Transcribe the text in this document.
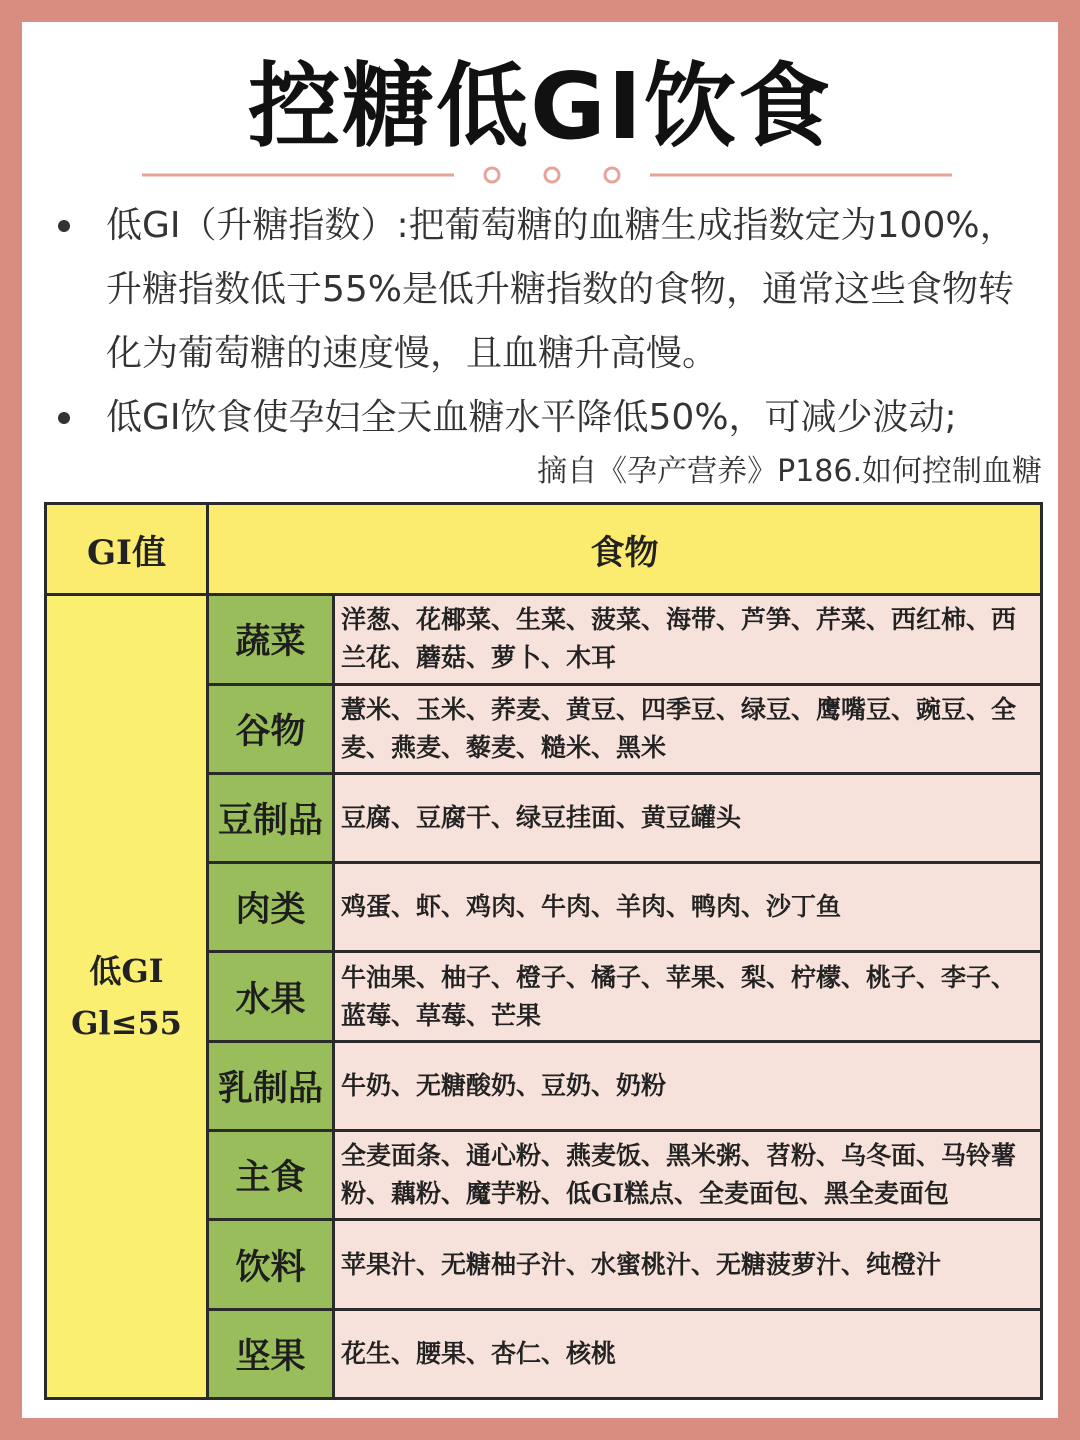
控糖低GI饮食
低GI（升糖指数）:把葡萄糖的血糖生成指数定为100%，升糖指数低于55%是低升糖指数的食物，通常这些食物转化为葡萄糖的速度慢，且血糖升高慢。
低GI饮食使孕妇全天血糖水平降低50%，可减少波动;
摘自《孕产营养》P186.如何控制血糖
GI值	食物	

低GI
Gl≤55	蔬菜	洋葱、花椰菜、生菜、菠菜、海带、芦笋、芹菜、西红柿、西兰花、蘑菇、萝卜、木耳
	谷物	薏米、玉米、荞麦、黄豆、四季豆、绿豆、鹰嘴豆、豌豆、全麦、燕麦、藜麦、糙米、黑米
	豆制品	豆腐、豆腐干、绿豆挂面、黄豆罐头
	肉类	鸡蛋、虾、鸡肉、牛肉、羊肉、鸭肉、沙丁鱼
	水果	牛油果、柚子、橙子、橘子、苹果、梨、柠檬、桃子、李子、蓝莓、草莓、芒果
	乳制品	牛奶、无糖酸奶、豆奶、奶粉
	主食	全麦面条、通心粉、燕麦饭、黑米粥、苕粉、乌冬面、马铃薯粉、藕粉、魔芋粉、低GI糕点、全麦面包、黑全麦面包
	饮料	苹果汁、无糖柚子汁、水蜜桃汁、无糖菠萝汁、纯橙汁
	坚果	花生、腰果、杏仁、核桃
